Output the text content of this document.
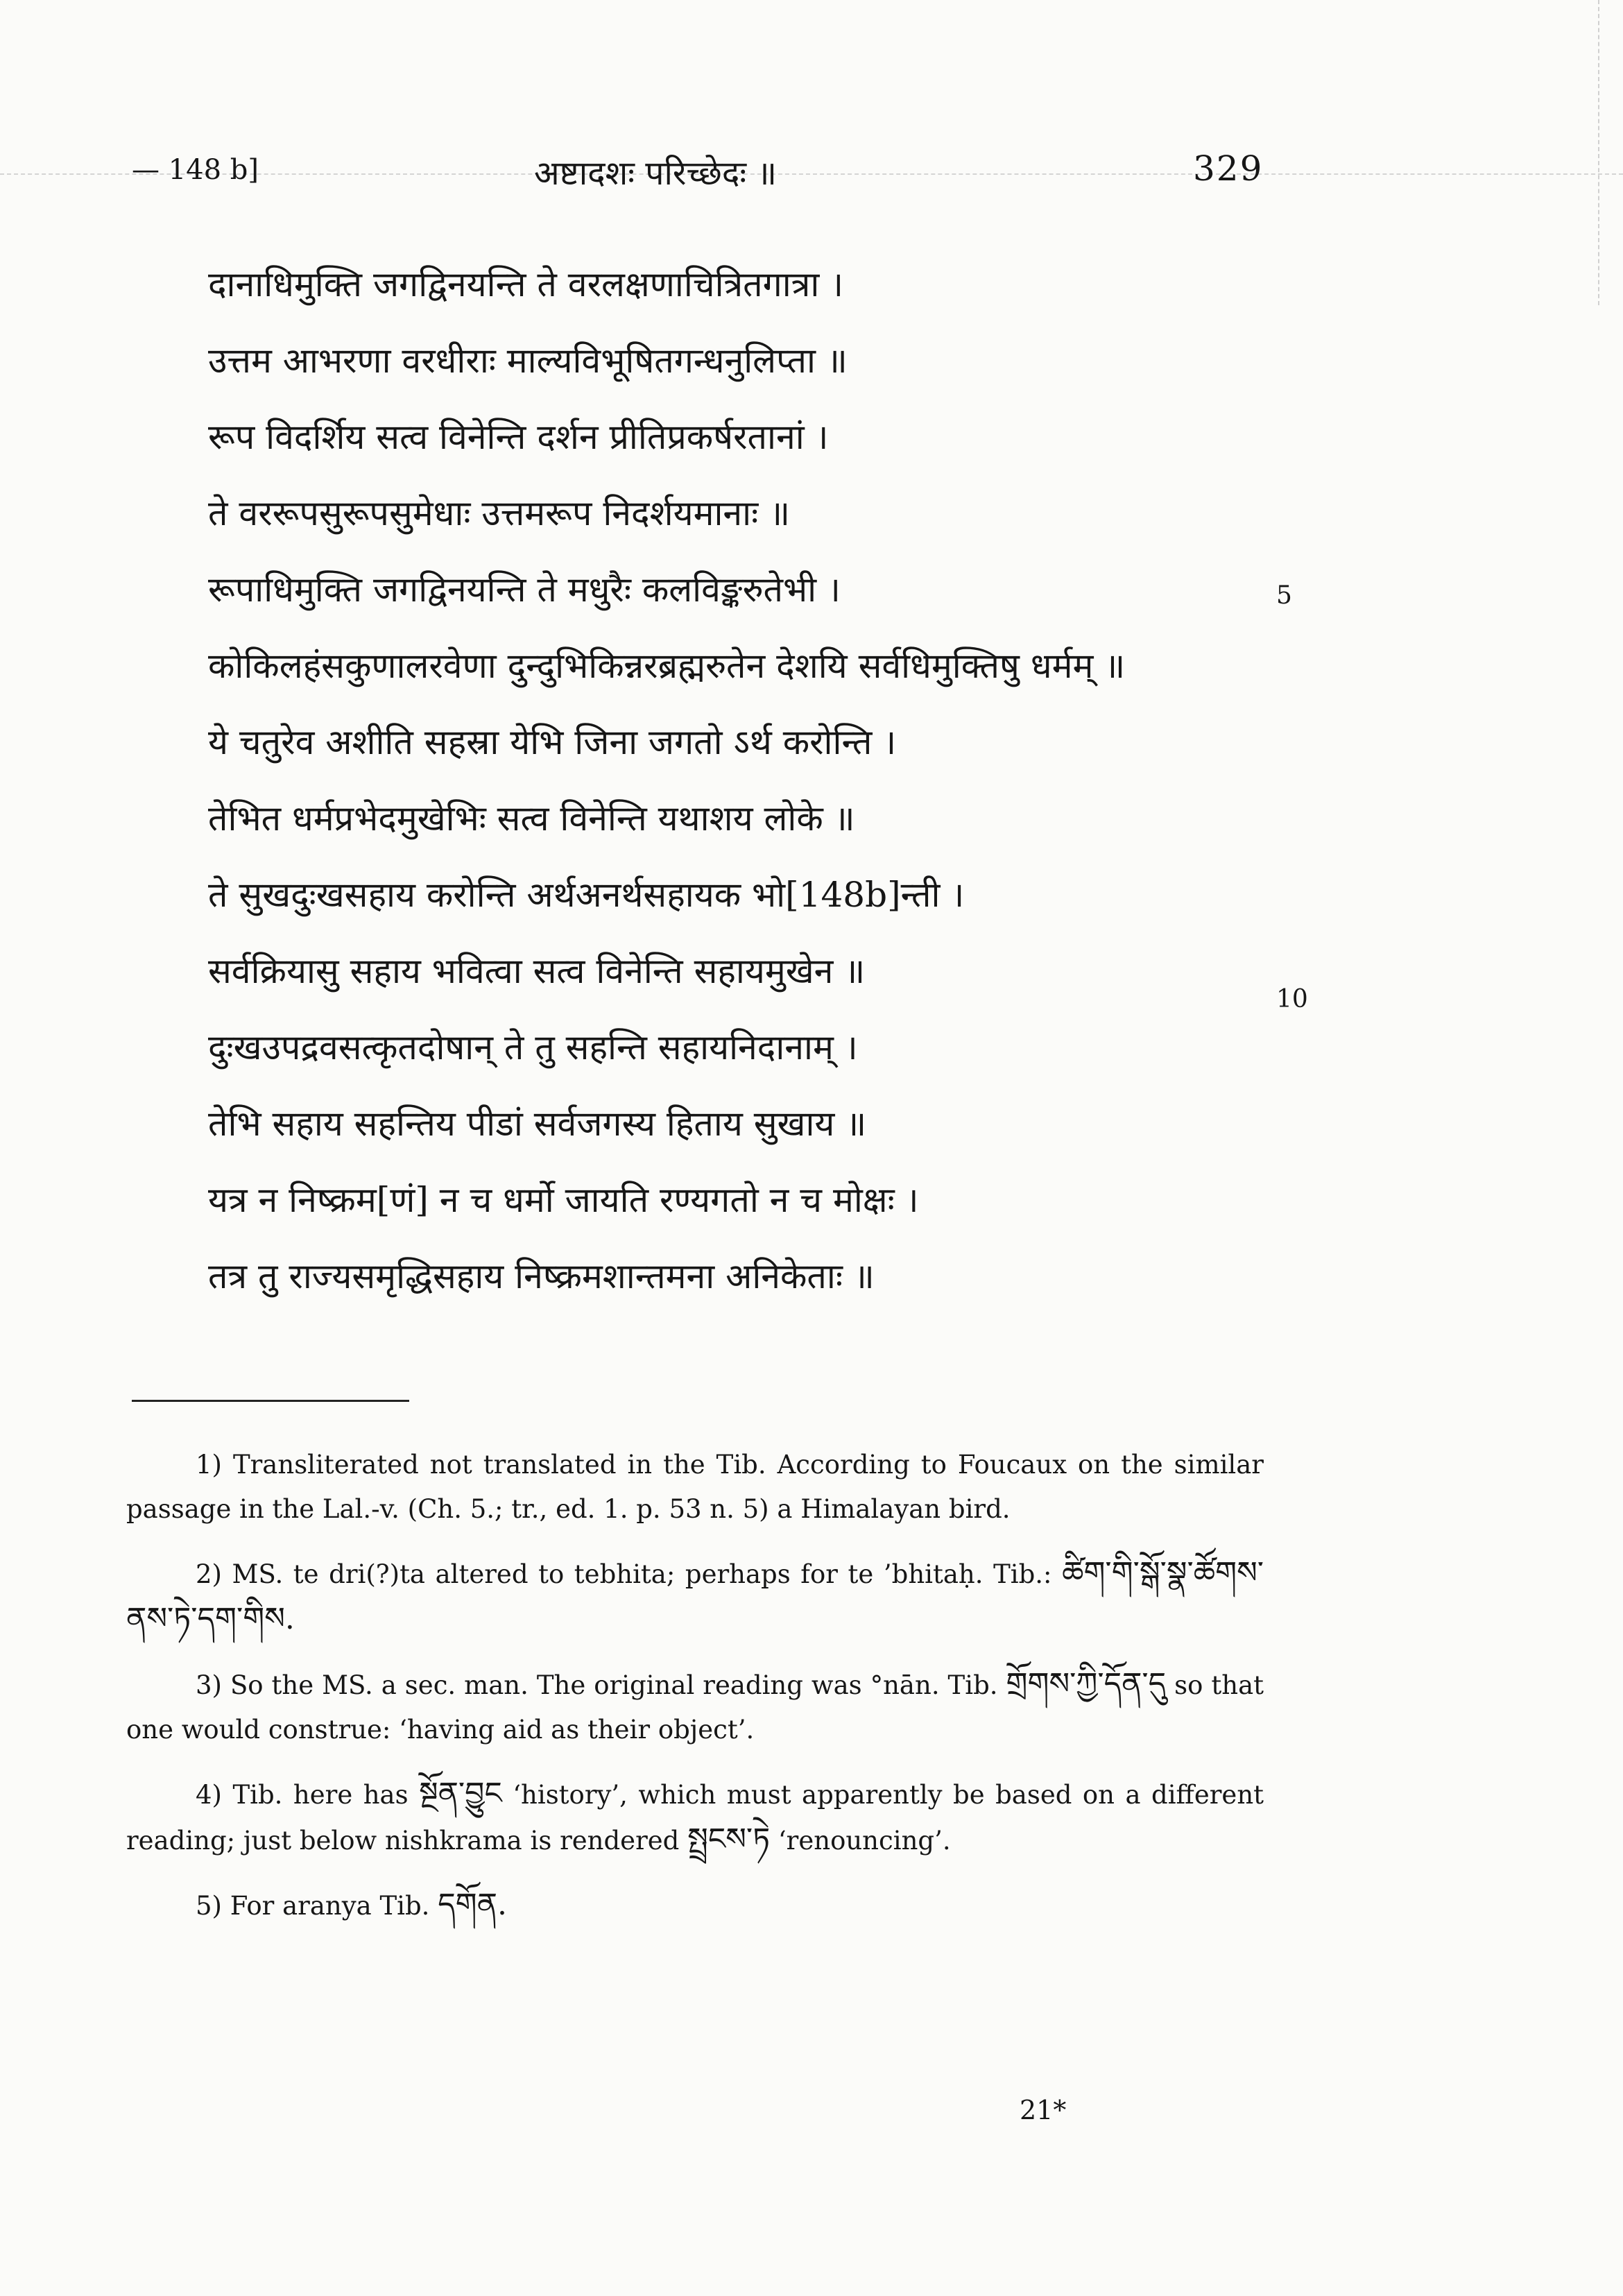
— 148 b]	अष्टादशः परिच्छेदः ॥	329
दानाधिमुक्ति जगद्विनयन्ति ते वरलक्षणाचित्रितगात्रा ।
उत्तम आभरणा वरधीराः माल्यविभूषितगन्धनुलिप्ता ॥
रूप विदर्शिय सत्व विनेन्ति दर्शन प्रीतिप्रकर्षरतानां ।
ते वररूपसुरूपसुमेधाः उत्तमरूप निदर्शयमानाः ॥
रूपाधिमुक्ति जगद्विनयन्ति ते मधुरैः कलविङ्करुतेभी ।
कोकिलहंसकुणालरवेणा दुन्दुभिकिन्नरब्रह्मरुतेन देशयि सर्वधिमुक्तिषु धर्मम् ॥
ये चतुरेव अशीति सहस्रा येभि जिना जगतो ऽर्थ करोन्ति ।
तेभित धर्मप्रभेदमुखेभिः सत्व विनेन्ति यथाशय लोके ॥
ते सुखदुःखसहाय करोन्ति अर्थअनर्थसहायक भो[148b]न्ती ।
सर्वक्रियासु सहाय भवित्वा सत्व विनेन्ति सहायमुखेन ॥
दुःखउपद्रवसत्कृतदोषान् ते तु सहन्ति सहायनिदानाम् ।
तेभि सहाय सहन्तिय पीडां सर्वजगस्य हिताय सुखाय ॥
यत्र न निष्क्रम[णं] न च धर्मो जायति रण्यगतो न च मोक्षः ।
तत्र तु राज्यसमृद्धिसहाय निष्क्रमशान्तमना अनिकेताः ॥
5
10

1) Transliterated not translated in the Tib. According to Foucaux on the similar passage in the Lal.-v. (Ch. 5.; tr., ed. 1. p. 53 n. 5) a Himalayan bird.

2) MS. te dri(?)ta altered to tebhita; perhaps for te ’bhitaḥ. Tib.: ཚིག་གི་སྒོ་སྣ་ཚོགས་ནས་ཏེ་དག་གིས.

3) So the MS. a sec. man. The original reading was °nān. Tib. གྲོགས་ཀྱི་དོན་དུ so that one would construe: ‘having aid as their object’.

4) Tib. here has སྔོན་བྱུང ‘history’, which must apparently be based on a different reading; just below nishkrama is rendered སྤྲངས་ཏེ ‘renouncing’.

5) For aranya Tib. དགོན.

21*
